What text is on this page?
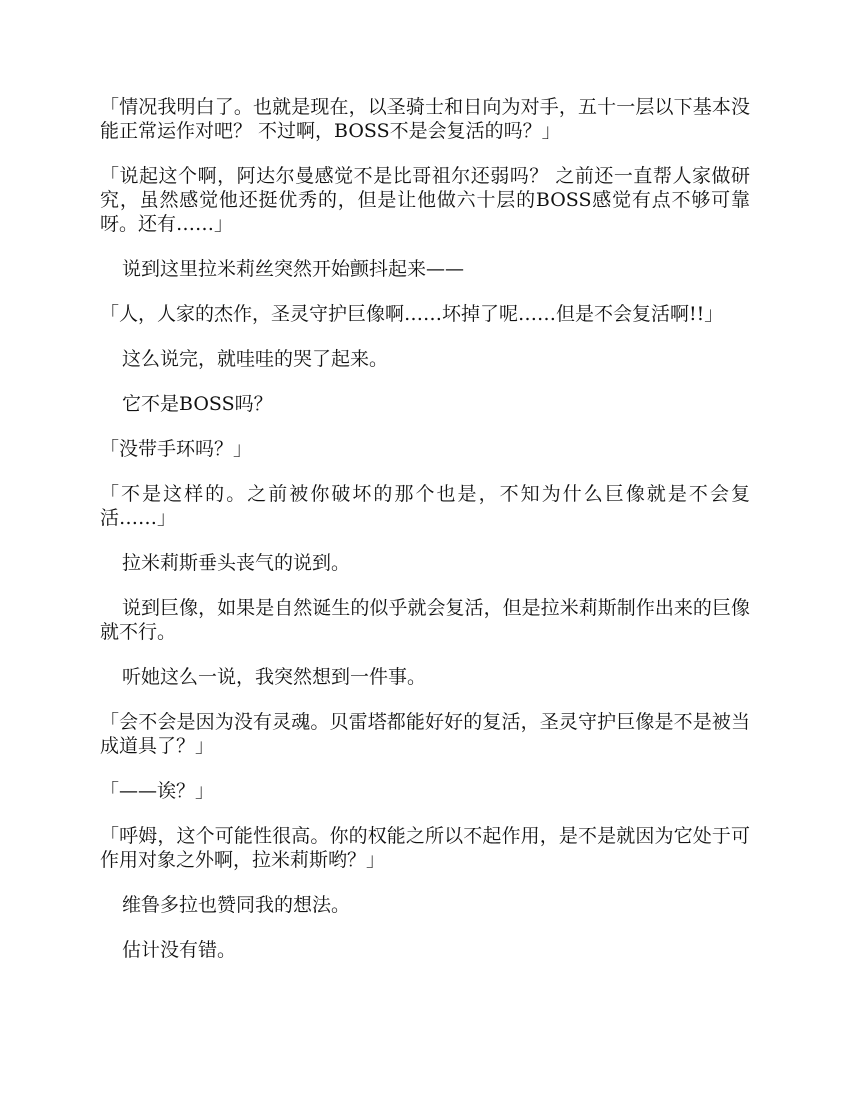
「情况我明白了。也就是现在，以圣骑士和日向为对手，五十一层以下基本没能正常运作对吧？ 不过啊，BOSS不是会复活的吗？」

「说起这个啊，阿达尔曼感觉不是比哥祖尔还弱吗？ 之前还一直帮人家做研究，虽然感觉他还挺优秀的，但是让他做六十层的BOSS感觉有点不够可靠呀。还有……」

说到这里拉米莉丝突然开始颤抖起来——

「人，人家的杰作，圣灵守护巨像啊……坏掉了呢……但是不会复活啊!!」

这么说完，就哇哇的哭了起来。

它不是BOSS吗？

「没带手环吗？」

「不是这样的。之前被你破坏的那个也是，不知为什么巨像就是不会复活……」

拉米莉斯垂头丧气的说到。

说到巨像，如果是自然诞生的似乎就会复活，但是拉米莉斯制作出来的巨像就不行。

听她这么一说，我突然想到一件事。

「会不会是因为没有灵魂。贝雷塔都能好好的复活，圣灵守护巨像是不是被当成道具了？」

「——诶？」

「呼姆，这个可能性很高。你的权能之所以不起作用，是不是就因为它处于可作用对象之外啊，拉米莉斯哟？」

维鲁多拉也赞同我的想法。

估计没有错。
